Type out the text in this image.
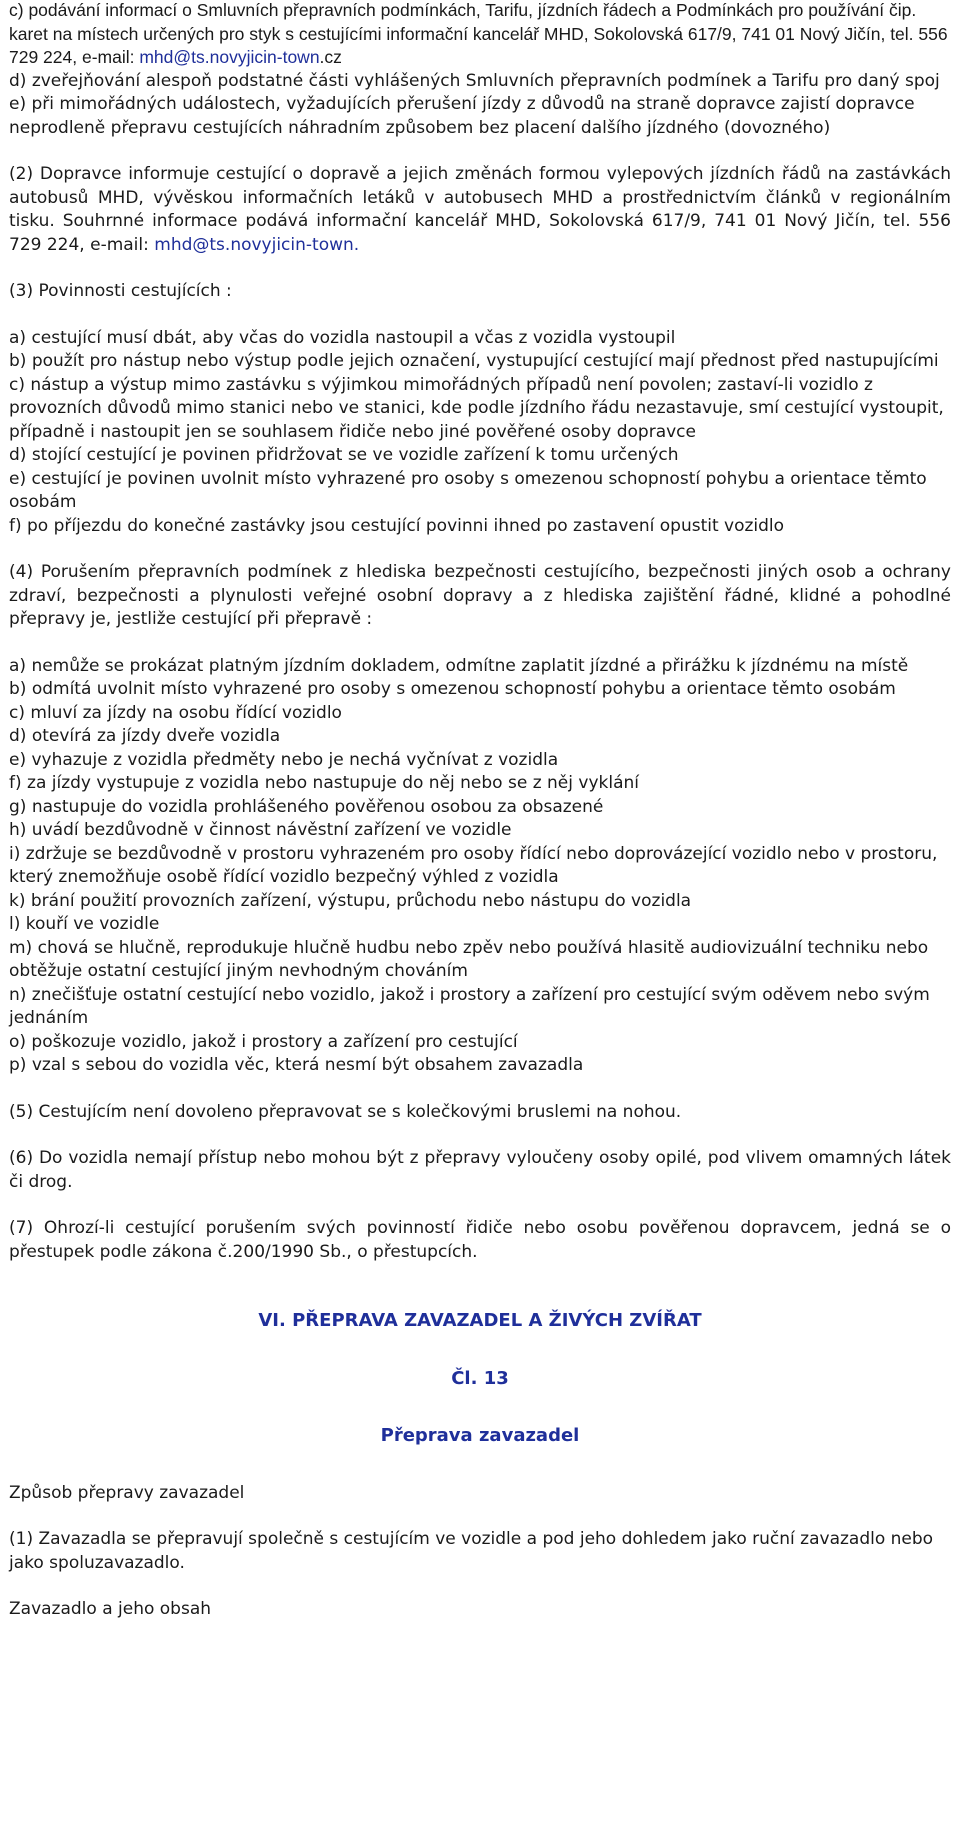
c) podávání informací o Smluvních přepravních podmínkách, Tarifu, jízdních řádech a Podmínkách pro používání čip. karet na místech určených pro styk s cestujícími informační kancelář MHD, Sokolovská 617/9, 741 01 Nový Jičín, tel. 556 729 224, e-mail: mhd@ts.novyjicin-town.cz

d) zveřejňování alespoň podstatné části vyhlášených Smluvních přepravních podmínek a Tarifu pro daný spoj

e) při mimořádných událostech, vyžadujících přerušení jízdy z důvodů na straně dopravce zajistí dopravce neprodleně přepravu cestujících náhradním způsobem bez placení dalšího jízdného (dovozného)

(2) Dopravce informuje cestující o dopravě a jejich změnách formou vylepových jízdních řádů na zastávkách autobusů MHD, vývěskou informačních letáků v autobusech MHD a prostřednictvím článků v regionálním tisku. Souhrnné informace podává informační kancelář MHD, Sokolovská 617/9, 741 01 Nový Jičín, tel. 556 729 224, e-mail: mhd@ts.novyjicin-town.

(3) Povinnosti cestujících :

a) cestující musí dbát, aby včas do vozidla nastoupil a včas z vozidla vystoupil

b) použít pro nástup nebo výstup podle jejich označení, vystupující cestující mají přednost před nastupujícími

c) nástup a výstup mimo zastávku s výjimkou mimořádných případů není povolen; zastaví-li vozidlo z provozních důvodů mimo stanici nebo ve stanici, kde podle jízdního řádu nezastavuje, smí cestující vystoupit, případně i nastoupit jen se souhlasem řidiče nebo jiné pověřené osoby dopravce

d) stojící cestující je povinen přidržovat se ve vozidle zařízení k tomu určených

e) cestující je povinen uvolnit místo vyhrazené pro osoby s omezenou schopností pohybu a orientace těmto osobám

f) po příjezdu do konečné zastávky jsou cestující povinni ihned po zastavení opustit vozidlo

(4) Porušením přepravních podmínek z hlediska bezpečnosti cestujícího, bezpečnosti jiných osob a ochrany zdraví, bezpečnosti a plynulosti veřejné osobní dopravy a z hlediska zajištění řádné, klidné a pohodlné přepravy je, jestliže cestující při přepravě :

a) nemůže se prokázat platným jízdním dokladem, odmítne zaplatit jízdné a přirážku k jízdnému na místě

b) odmítá uvolnit místo vyhrazené pro osoby s omezenou schopností pohybu a orientace těmto osobám

c) mluví za jízdy na osobu řídící vozidlo

d) otevírá za jízdy dveře vozidla

e) vyhazuje z vozidla předměty nebo je nechá vyčnívat z vozidla

f) za jízdy vystupuje z vozidla nebo nastupuje do něj nebo se z něj vyklání

g) nastupuje do vozidla prohlášeného pověřenou osobou za obsazené

h) uvádí bezdůvodně v činnost návěstní zařízení ve vozidle

i) zdržuje se bezdůvodně v prostoru vyhrazeném pro osoby řídící nebo doprovázející vozidlo nebo v prostoru, který znemožňuje osobě řídící vozidlo bezpečný výhled z vozidla

k) brání použití provozních zařízení, výstupu, průchodu nebo nástupu do vozidla

l) kouří ve vozidle

m) chová se hlučně, reprodukuje hlučně hudbu nebo zpěv nebo používá hlasitě audiovizuální techniku nebo obtěžuje ostatní cestující jiným nevhodným chováním

n) znečišťuje ostatní cestující nebo vozidlo, jakož i prostory a zařízení pro cestující svým oděvem nebo svým jednáním

o) poškozuje vozidlo, jakož i prostory a zařízení pro cestující

p) vzal s sebou do vozidla věc, která nesmí být obsahem zavazadla

(5) Cestujícím není dovoleno přepravovat se s kolečkovými bruslemi na nohou.

(6) Do vozidla nemají přístup nebo mohou být z přepravy vyloučeny osoby opilé, pod vlivem omamných látek či drog.

(7) Ohrozí-li cestující porušením svých povinností řidiče nebo osobu pověřenou dopravcem, jedná se o přestupek podle zákona č.200/1990 Sb., o přestupcích.

VI. PŘEPRAVA ZAVAZADEL A ŽIVÝCH ZVÍŘAT

Čl. 13

Přeprava zavazadel

Způsob přepravy zavazadel

(1) Zavazadla se přepravují společně s cestujícím ve vozidle a pod jeho dohledem jako ruční zavazadlo nebo jako spoluzavazadlo.

Zavazadlo a jeho obsah
